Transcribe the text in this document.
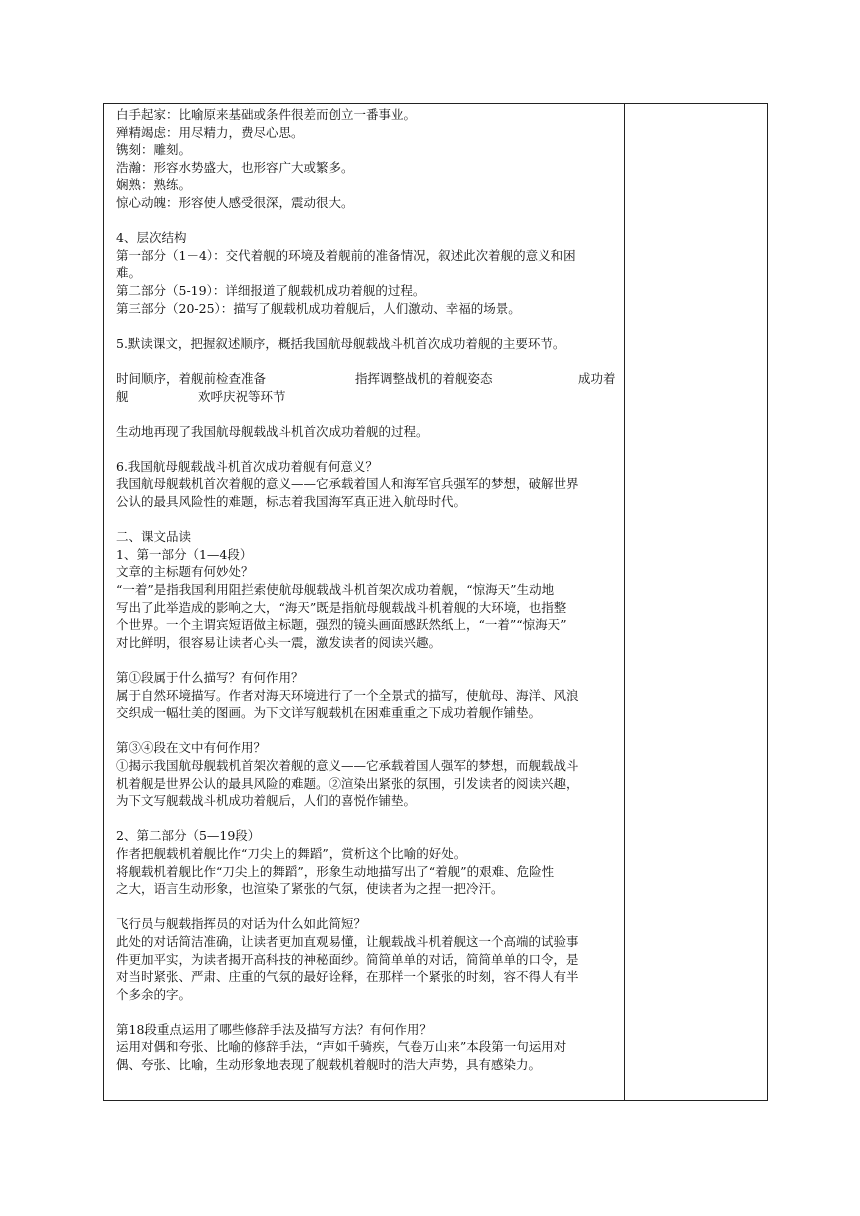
白手起家：比喻原来基础或条件很差而创立一番事业。
殚精竭虑：用尽精力，费尽心思。
镌刻：雕刻。
浩瀚：形容水势盛大，也形容广大或繁多。
娴熟：熟练。
惊心动魄：形容使人感受很深，震动很大。
4、层次结构
第一部分（1－4）：交代着舰的环境及着舰前的准备情况，叙述此次着舰的意义和困
难。
第二部分（5-19）：详细报道了舰载机成功着舰的过程。
第三部分（20-25）：描写了舰载机成功着舰后，人们激动、幸福的场景。
5.默读课文，把握叙述顺序，概括我国航母舰载战斗机首次成功着舰的主要环节。
时间顺序，着舰前检查准备	指挥调整战机的着舰姿态	成功着
舰	欢呼庆祝等环节
生动地再现了我国航母舰载战斗机首次成功着舰的过程。
6.我国航母舰载战斗机首次成功着舰有何意义？
我国航母舰载机首次着舰的意义——它承载着国人和海军官兵强军的梦想，破解世界
公认的最具风险性的难题，标志着我国海军真正进入航母时代。
二、课文品读
1、第一部分（1—4段）
文章的主标题有何妙处？
“一着”是指我国利用阻拦索使航母舰载战斗机首架次成功着舰，“惊海天”生动地
写出了此举造成的影响之大，“海天”既是指航母舰载战斗机着舰的大环境，也指整
个世界。一个主谓宾短语做主标题，强烈的镜头画面感跃然纸上，“一着”“惊海天”
对比鲜明，很容易让读者心头一震，激发读者的阅读兴趣。
第①段属于什么描写？有何作用？
属于自然环境描写。作者对海天环境进行了一个全景式的描写，使航母、海洋、风浪
交织成一幅壮美的图画。为下文详写舰载机在困难重重之下成功着舰作铺垫。
第③④段在文中有何作用？
①揭示我国航母舰载机首架次着舰的意义——它承载着国人强军的梦想，而舰载战斗
机着舰是世界公认的最具风险的难题。②渲染出紧张的氛围，引发读者的阅读兴趣，
为下文写舰载战斗机成功着舰后，人们的喜悦作铺垫。
2、第二部分（5—19段）
作者把舰载机着舰比作“刀尖上的舞蹈”，赏析这个比喻的好处。
将舰载机着舰比作“刀尖上的舞蹈”，形象生动地描写出了“着舰”的艰难、危险性
之大，语言生动形象，也渲染了紧张的气氛，使读者为之捏一把冷汗。
飞行员与舰载指挥员的对话为什么如此简短？
此处的对话简洁准确，让读者更加直观易懂，让舰载战斗机着舰这一个高端的试验事
件更加平实，为读者揭开高科技的神秘面纱。简简单单的对话，简简单单的口令，是
对当时紧张、严肃、庄重的气氛的最好诠释，在那样一个紧张的时刻，容不得人有半
个多余的字。
第18段重点运用了哪些修辞手法及描写方法？有何作用？
运用对偶和夸张、比喻的修辞手法，“声如千骑疾，气卷万山来”本段第一句运用对
偶、夸张、比喻，生动形象地表现了舰载机着舰时的浩大声势，具有感染力。
